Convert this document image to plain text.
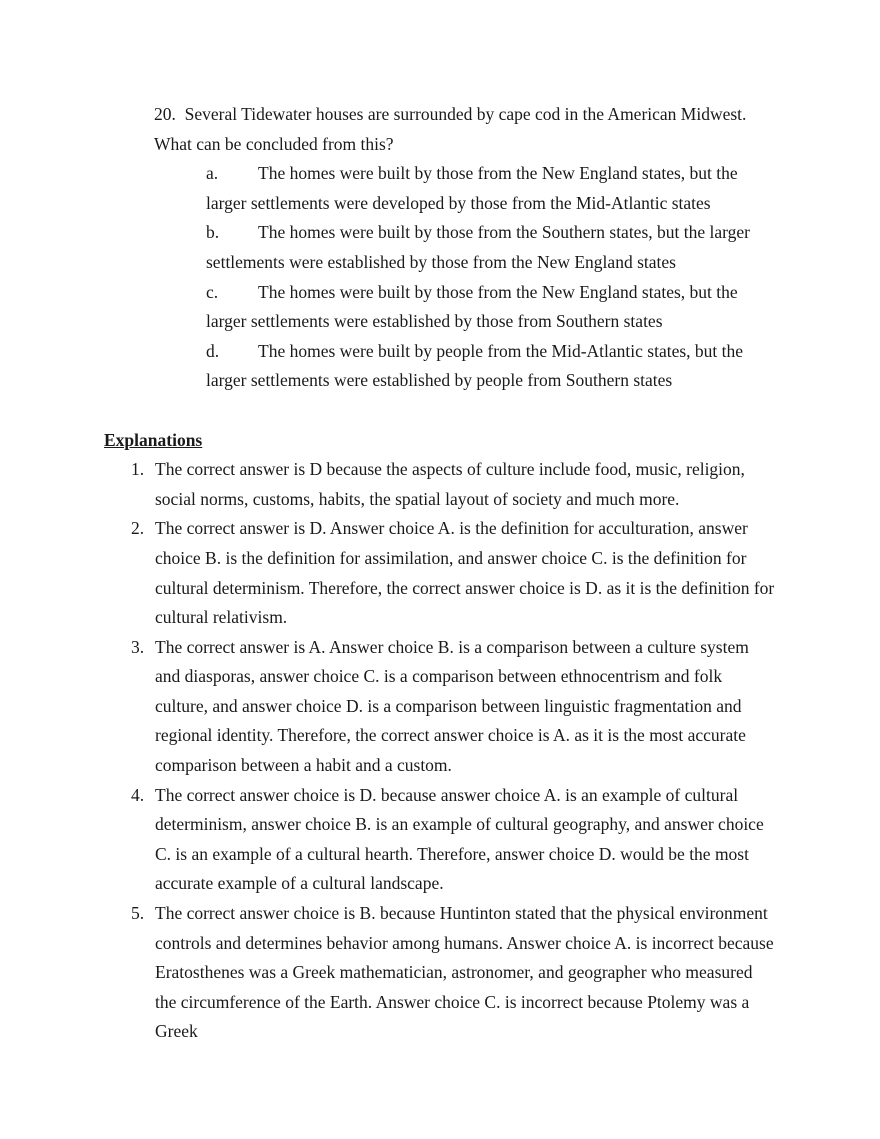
20. Several Tidewater houses are surrounded by cape cod in the American Midwest. What can be concluded from this?
a.	The homes were built by those from the New England states, but the larger settlements were developed by those from the Mid-Atlantic states
b.	The homes were built by those from the Southern states, but the larger settlements were established by those from the New England states
c.	The homes were built by those from the New England states, but the larger settlements were established by those from Southern states
d.	The homes were built by people from the Mid-Atlantic states, but the larger settlements were established by people from Southern states
Explanations
1. The correct answer is D because the aspects of culture include food, music, religion, social norms, customs, habits, the spatial layout of society and much more.
2. The correct answer is D. Answer choice A. is the definition for acculturation, answer choice B. is the definition for assimilation, and answer choice C. is the definition for cultural determinism. Therefore, the correct answer choice is D. as it is the definition for cultural relativism.
3. The correct answer is A. Answer choice B. is a comparison between a culture system and diasporas, answer choice C. is a comparison between ethnocentrism and folk culture, and answer choice D. is a comparison between linguistic fragmentation and regional identity. Therefore, the correct answer choice is A. as it is the most accurate comparison between a habit and a custom.
4. The correct answer choice is D. because answer choice A. is an example of cultural determinism, answer choice B. is an example of cultural geography, and answer choice C. is an example of a cultural hearth. Therefore, answer choice D. would be the most accurate example of a cultural landscape.
5. The correct answer choice is B. because Huntinton stated that the physical environment controls and determines behavior among humans. Answer choice A. is incorrect because Eratosthenes was a Greek mathematician, astronomer, and geographer who measured the circumference of the Earth. Answer choice C. is incorrect because Ptolemy was a Greek
